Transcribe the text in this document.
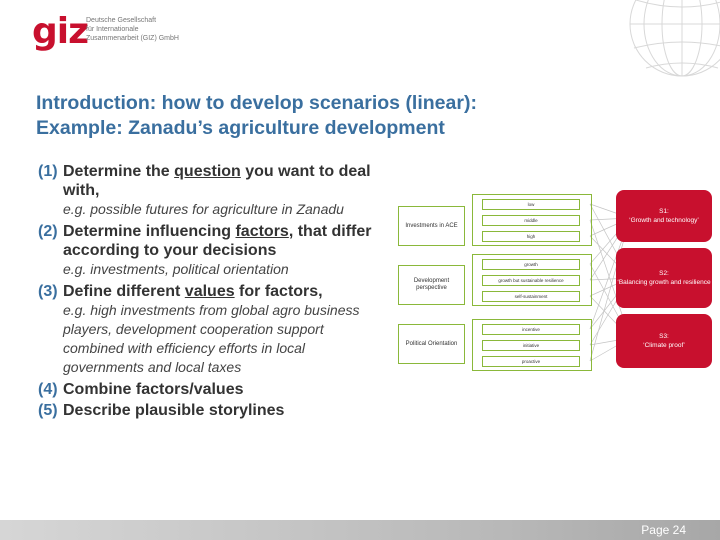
giz
Deutsche Gesellschaft
für Internationale
Zusammenarbeit (GIZ) GmbH
Introduction: how to develop scenarios (linear):
Example: Zanadu’s agriculture development
(1) Determine the question you want to deal with,
e.g. possible futures for agriculture in Zanadu
(2) Determine influencing factors, that differ according to your decisions
e.g. investments, political orientation
(3) Define different values for factors,
e.g. high investments from global agro business players, development cooperation support combined with efficiency efforts in local governments and local taxes
(4) Combine factors/values
(5) Describe plausible storylines
Investments in ACE
Development perspective
Political Orientation
low
middle
high
growth
growth but sustainable resilience
self-sustainment
incentive
initiative
proactive
S1:
‘Growth and technology’
S2:
‘Balancing growth and resilience
S3:
‘Climate proof’
Page 24
